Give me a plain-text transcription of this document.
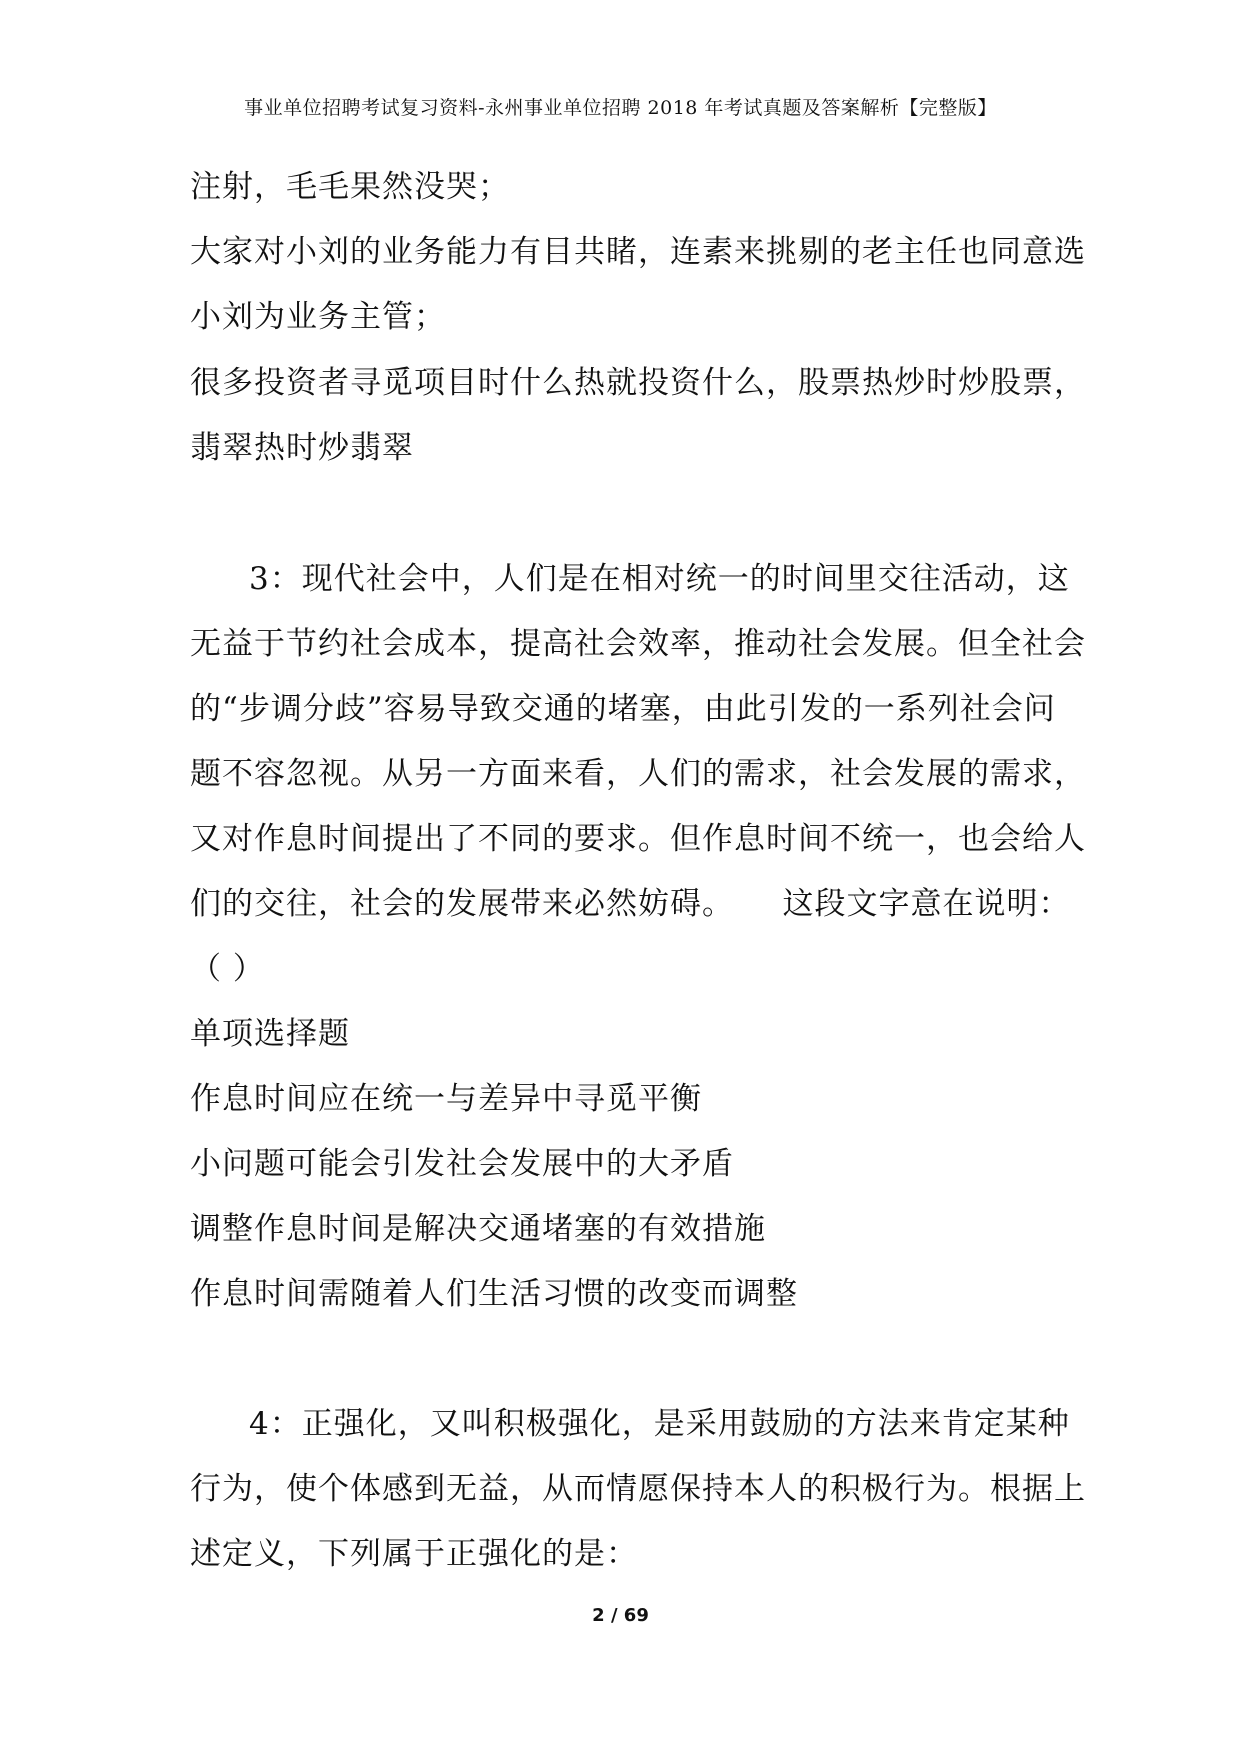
事业单位招聘考试复习资料-永州事业单位招聘 2018 年考试真题及答案解析【完整版】
注射，毛毛果然没哭；
大家对小刘的业务能力有目共睹，连素来挑剔的老主任也同意选
小刘为业务主管；
很多投资者寻觅项目时什么热就投资什么，股票热炒时炒股票，
翡翠热时炒翡翠
3：现代社会中，人们是在相对统一的时间里交往活动，这
无益于节约社会成本，提高社会效率，推动社会发展。但全社会
的“步调分歧”容易导致交通的堵塞，由此引发的一系列社会问
题不容忽视。从另一方面来看，人们的需求，社会发展的需求，
又对作息时间提出了不同的要求。但作息时间不统一，也会给人
们的交往，社会的发展带来必然妨碍。　　这段文字意在说明：
（ ）
单项选择题
作息时间应在统一与差异中寻觅平衡
小问题可能会引发社会发展中的大矛盾
调整作息时间是解决交通堵塞的有效措施
作息时间需随着人们生活习惯的改变而调整
4：正强化，又叫积极强化，是采用鼓励的方法来肯定某种
行为，使个体感到无益，从而情愿保持本人的积极行为。根据上
述定义，下列属于正强化的是：
2 / 69
